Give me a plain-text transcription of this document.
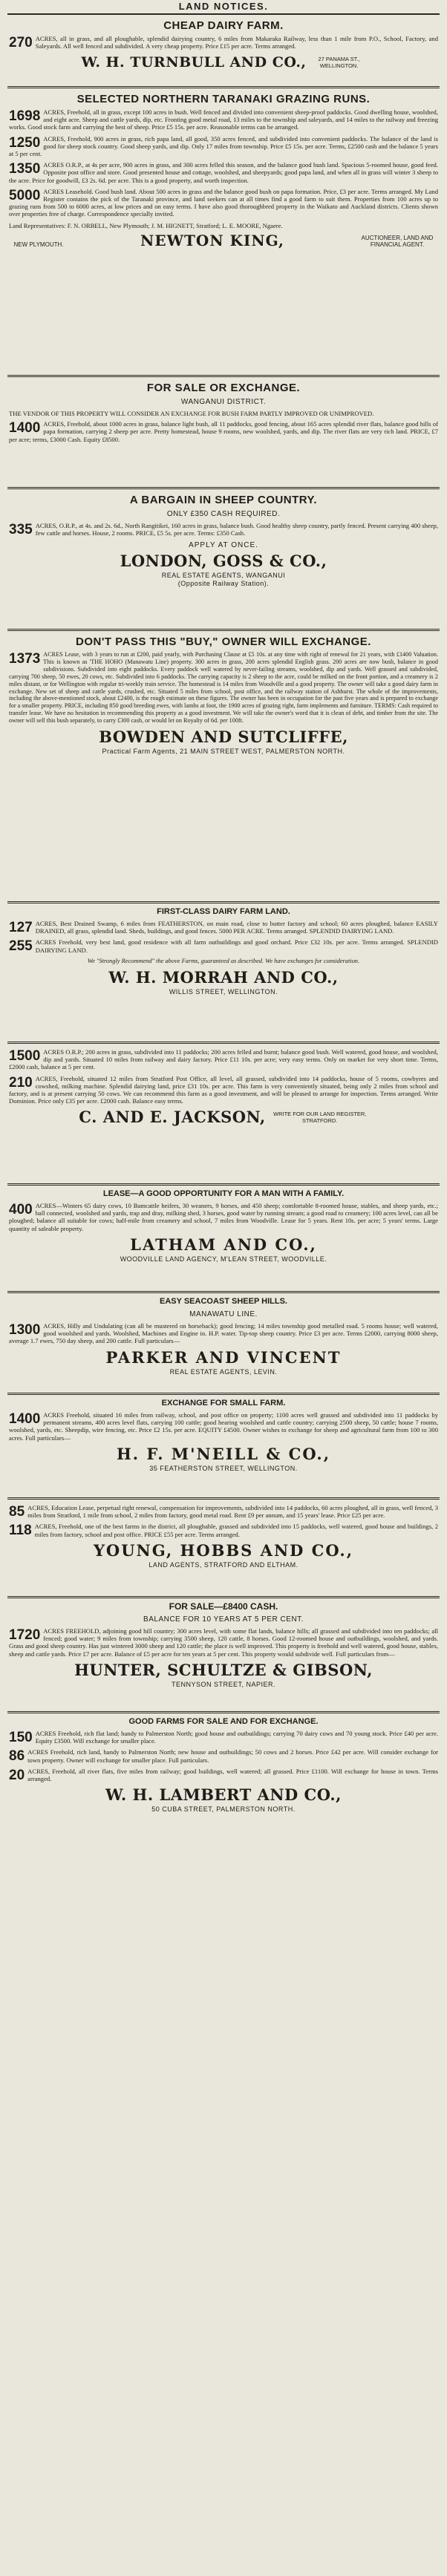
LAND NOTICES.
CHEAP DAIRY FARM.
270 ACRES, all in grass, and all ploughable, splendid dairying country, 6 miles from Makaraka Railway, less than 1 mile from P.O., School, Factory, and Saleyards. All well fenced and subdivided. A very cheap property. Price £15 per acre. Terms arranged.
W. H. TURNBULL AND CO.,	27 PANAMA ST., WELLINGTON.
SELECTED NORTHERN TARANAKI GRAZING RUNS.
1698 ACRES, Freehold, all in grass, except 100 acres in bush. Well fenced and divided into convenient sheep-proof paddocks. Good dwelling house, woolshed, and eight acre. Sheep and cattle yards, dip, etc. Fronting good metal road, 13 miles to the township and saleyards, and 14 miles to the railway and freezing works. Good stock farm and carrying the best of sheep. Price £5 15s. per acre. Reasonable terms can be arranged.
1250 ACRES, Freehold, 900 acres in grass, rich papa land, all good, 350 acres fenced, and subdivided into convenient paddocks. The balance of the land is good for sheep stock country. Good sheep yards, and dip. Only 17 miles from township. Price £5 15s. per acre. Terms, £2500 cash and the balance 5 years at 5 per cent.
1350 ACRES O.R.P., at 4s per acre, 900 acres in grass, and 300 acres felled this season, and the balance good bush land. Spacious 5-roomed house, good feed. Opposite post office and store. Good presented house and cottage, woolshed, and sheepyards; good papa land, and when all in grass will winter 3 sheep to the acre. Price for goodwill, £3 2s. 6d. per acre. This is a good property, and worth inspection.
5000 ACRES Leasehold. Good bush land. About 500 acres in grass and the balance good bush on papa formation. Price, £3 per acre. Terms arranged. My Land Register contains the pick of the Taranaki province, and land seekers can at all times find a good farm to suit them. Properties from 100 acres up to grazing runs from 500 to 6000 acres, at low prices and on easy terms. I have also good thoroughbred property in the Waikato and Auckland districts. Clients shown over properties free of charge. Correspondence specially invited.
Land Representatives: F. N. ORBELL, New Plymouth; J. M. HIGNETT, Stratford; L. E. MOORE, Ngaere.
NEW PLYMOUTH.	NEWTON KING,	AUCTIONEER, LAND AND FINANCIAL AGENT.
FOR SALE OR EXCHANGE.
WANGANUI DISTRICT.
THE VENDOR OF THIS PROPERTY WILL CONSIDER AN EXCHANGE FOR BUSH FARM PARTLY IMPROVED OR UNIMPROVED.
1400 ACRES, Freehold, about 1000 acres in grass, balance light bush, all 11 paddocks, good fencing, about 165 acres splendid river flats, balance good hills of papa formation, carrying 2 sheep per acre. Pretty homestead, house 9 rooms, new woolshed, yards, and dip. The river flats are very rich land. PRICE, £7 per acre; terms, £3000 Cash. Equity £8500.
A BARGAIN IN SHEEP COUNTRY.
ONLY £350 CASH REQUIRED.
335 ACRES, O.R.P., at 4s. and 2s. 6d., North Rangitikei, 160 acres in grass, balance bush. Good healthy sheep country, partly fenced. Present carrying 400 sheep, few cattle and horses. House, 2 rooms. PRICE, £5 5s. per acre. Terms: £350 Cash.
APPLY AT ONCE.
LONDON, GOSS & CO.,
REAL ESTATE AGENTS, WANGANUI
(Opposite Railway Station).
DON'T PASS THIS "BUY," OWNER WILL EXCHANGE.
1373 ACRES Lease, with 3 years to run at £200, paid yearly, with Purchasing Clause at £5 10s. at any time with right of renewal for 21 years, with £1400 Valuation. This is known as 'THE HOHO (Manawatu Line) property. 300 acres in grass, 200 acres splendid English grass. 200 acres are now bush, balance in good subdivisions. Subdivided into eight paddocks. Every paddock well watered by never-failing streams, woolshed, dip and yards. Well grassed and subdivided, carrying 700 sheep, 50 ewes, 20 cows, etc. Subdivided into 6 paddocks. The carrying capacity is 2 sheep to the acre, could be milked on the front portion, and a creamery is 2 miles distant, or for Wellington with regular tri-weekly train service. The homestead is 14 miles from Woodville and a good property. The owner will take a good dairy farm in exchange. New set of sheep and cattle yards, crushed, etc. Situated 5 miles from school, post office, and the railway station of Ashhurst. The whole of the improvements, including the above-mentioned stock, about £2400, is the rough estimate on these figures. The owner has been in occupation for the past five years and is prepared to exchange for a smaller property. PRICE, including 850 good breeding ewes, with lambs at foot, the 1900 acres of grazing right, farm implements and furniture. TERMS: Cash required to transfer lease. We have no hesitation in recommending this property as a good investment. We will take the owner's word that it is clean of debt, and timber from the site. The owner will sell this bush separately, to carry £300 cash, or would let on Royalty of 6d. per 100ft.
BOWDEN AND SUTCLIFFE,
Practical Farm Agents, 21 MAIN STREET WEST, PALMERSTON NORTH.
FIRST-CLASS DAIRY FARM LAND.
127 ACRES, Best Drained Swamp, 6 miles from FEATHERSTON, on main road, close to butter factory and school; 60 acres ploughed, balance EASILY DRAINED, all grass, splendid land. Sheds, buildings, and good fences. 5000 PER ACRE. Terms arranged. SPLENDID DAIRYING LAND.
255 ACRES Freehold, very best land, good residence with all farm outbuildings and good orchard. Price £32 10s. per acre. Terms arranged. SPLENDID DAIRYING LAND.
We "Strongly Recommend" the above Farms, guaranteed as described. We have exchanges for consideration.
W. H. MORRAH AND CO.,
WILLIS STREET, WELLINGTON.
1500 ACRES O.R.P.; 200 acres in grass, subdivided into 11 paddocks; 200 acres felled and burnt; balance good bush. Well watered, good house, and woolshed, dip and yards. Situated 10 miles from railway and dairy factory. Price £11 10s. per acre; very easy terms. Only on market for very short time. Terms, £2000 cash, balance at 5 per cent.
210 ACRES, Freehold, situated 12 miles from Stratford Post Office, all level, all grassed, subdivided into 14 paddocks, house of 5 rooms, cowbyres and cowshed, milking machine. Splendid dairying land, price £31 10s. per acre. This farm is very conveniently situated, being only 2 miles from school and factory, and is at present carrying 50 cows. We can recommend this farm as a good investment, and will be pleased to arrange for inspection. Terms arranged. Write Dominion. Price only £35 per acre. £2000 cash. Balance easy terms.
C. AND E. JACKSON,	WRITE FOR OUR LAND REGISTER, STRATFORD.
LEASE—A GOOD OPPORTUNITY FOR A MAN WITH A FAMILY.
400 ACRES—Winters 65 dairy cows, 10 Bamcattle heifers, 30 weaners, 9 horses, and 450 sheep; comfortable 8-roomed house, stables, and sheep yards, etc.; ball connected, woolshed and yards, trap and dray, milking shed, 3 horses, good water by running stream; a good road to creamery; 100 acres level, can all be ploughed; balance all suitable for cows; half-mile from creamery and school, 7 miles from Woodville. Lease for 5 years. Rent 10s. per acre; 5 years' terms. Large quantity of saleable property.
LATHAM AND CO.,
WOODVILLE LAND AGENCY, M'LEAN STREET, WOODVILLE.
EASY SEACOAST SHEEP HILLS.
MANAWATU LINE.
1300 ACRES, Hilly and Undulating (can all be mustered on horseback); good fencing; 14 miles township good metalled road. 5 rooms house; well watered, good woolshed and yards. Woolshed, Machines and Engine in. H.P. water. Tip-top sheep country. Price £3 per acre. Terms £2000, carrying 8000 sheep, average 1.7 ewes, 750 day sheep, and 200 cattle. Full particulars—
PARKER AND VINCENT
REAL ESTATE AGENTS, LEVIN.
EXCHANGE FOR SMALL FARM.
1400 ACRES Freehold, situated 16 miles from railway, school, and post office on property; 1100 acres well grassed and subdivided into 11 paddocks by permanent streams, 400 acres level flats, carrying 100 cattle; good hearing woolshed and cattle country; carrying 2500 sheep, 50 cattle; house 7 rooms, woolshed, yards, etc. Sheepdip, wire fencing, etc. Price £2 15s. per acre. EQUITY £4500. Owner wishes to exchange for sheep and agricultural farm from 100 to 300 acres. Full particulars—
H. F. M'NEILL & CO.,
35 FEATHERSTON STREET, WELLINGTON.
85 ACRES, Education Lease, perpetual right renewal, compensation for improvements, subdivided into 14 paddocks, 60 acres ploughed, all in grass, well fenced, 3 miles from Stratford, 1 mile from school, 2 miles from factory, good metal road. Rent £9 per annum, and 15 years' lease. Price £25 per acre.
118 ACRES, Freehold, one of the best farms in the district, all ploughable, grassed and subdivided into 15 paddocks, well watered, good house and buildings, 2 miles from factory, school and post office. PRICE £55 per acre. Terms arranged.
YOUNG, HOBBS AND CO.,
LAND AGENTS, STRATFORD AND ELTHAM.
FOR SALE—£8400 CASH.
BALANCE FOR 10 YEARS AT 5 PER CENT.
1720 ACRES FREEHOLD, adjoining good hill country; 300 acres level, with some flat lands, balance hills; all grassed and subdivided into ten paddocks; all fenced; good water; 9 miles from township; carrying 3500 sheep, 120 cattle, 8 horses. Good 12-roomed house and outbuildings, woolshed, and yards. Grass and good sheep country. Has just wintered 3000 sheep and 120 cattle; the place is well improved. This property is freehold and well watered, good house, stables, sheep and cattle yards. Price £7 per acre. Balance of £5 per acre for ten years at 5 per cent. This property would subdivide well. Full particulars from—
HUNTER, SCHULTZE & GIBSON,
TENNYSON STREET, NAPIER.
GOOD FARMS FOR SALE AND FOR EXCHANGE.
150 ACRES Freehold, rich flat land; handy to Palmerston North; good house and outbuildings; carrying 70 dairy cows and 70 young stock. Price £40 per acre. Equity £3500. Will exchange for smaller place.
86 ACRES Freehold, rich land, handy to Palmerston North; new house and outbuildings; 50 cows and 2 horses. Price £42 per acre. Will consider exchange for town property. Owner will exchange for smaller place. Full particulars.
20 ACRES, Freehold, all river flats, five miles from railway; good buildings, well watered; all grassed. Price £1100. Will exchange for house in town. Terms arranged.
W. H. LAMBERT AND CO.,
50 CUBA STREET, PALMERSTON NORTH.
